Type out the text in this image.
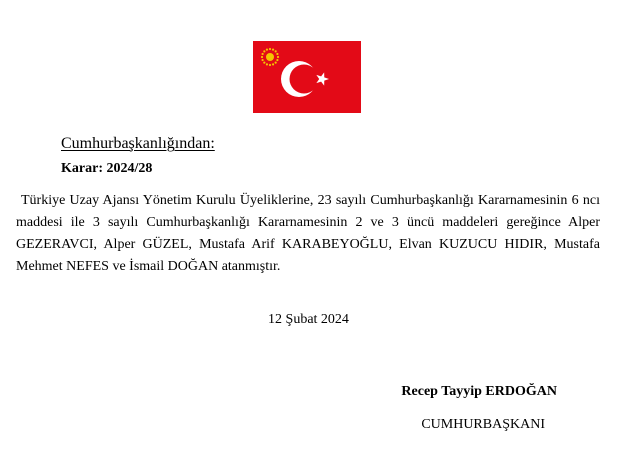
Cumhurbaşkanlığından:
Karar: 2024/28
Türkiye Uzay Ajansı Yönetim Kurulu Üyeliklerine, 23 sayılı Cumhurbaşkanlığı Kararnamesinin 6 ncı maddesi ile 3 sayılı Cumhurbaşkanlığı Kararnamesinin 2 ve 3 üncü maddeleri gereğince Alper GEZERAVCI, Alper GÜZEL, Mustafa Arif KARABEYOĞLU, Elvan KUZUCU HIDIR, Mustafa Mehmet NEFES ve İsmail DOĞAN atanmıştır.
12 Şubat 2024
Recep Tayyip ERDOĞAN
CUMHURBAŞKANI
